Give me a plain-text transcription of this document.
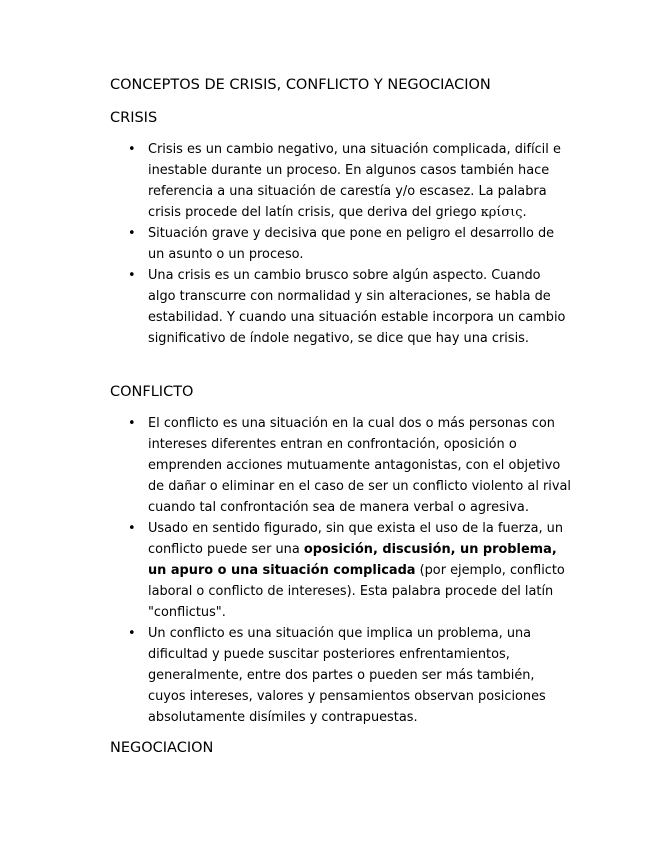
CONCEPTOS DE CRISIS, CONFLICTO Y NEGOCIACION
CRISIS
• Crisis es un cambio negativo, una situación complicada, difícil e inestable durante un proceso. En algunos casos también hace referencia a una situación de carestía y/o escasez. La palabra crisis procede del latín crisis, que deriva del griego κρίσις.
• Situación grave y decisiva que pone en peligro el desarrollo de un asunto o un proceso.
• Una crisis es un cambio brusco sobre algún aspecto. Cuando algo transcurre con normalidad y sin alteraciones, se habla de estabilidad. Y cuando una situación estable incorpora un cambio significativo de índole negativo, se dice que hay una crisis.
CONFLICTO
• El conflicto es una situación en la cual dos o más personas con intereses diferentes entran en confrontación, oposición o emprenden acciones mutuamente antagonistas, con el objetivo de dañar o eliminar en el caso de ser un conflicto violento al rival cuando tal confrontación sea de manera verbal o agresiva.
• Usado en sentido figurado, sin que exista el uso de la fuerza, un conflicto puede ser una oposición, discusión, un problema, un apuro o una situación complicada (por ejemplo, conflicto laboral o conflicto de intereses). Esta palabra procede del latín "conflictus".
• Un conflicto es una situación que implica un problema, una dificultad y puede suscitar posteriores enfrentamientos, generalmente, entre dos partes o pueden ser más también, cuyos intereses, valores y pensamientos observan posiciones absolutamente disímiles y contrapuestas.
NEGOCIACION
